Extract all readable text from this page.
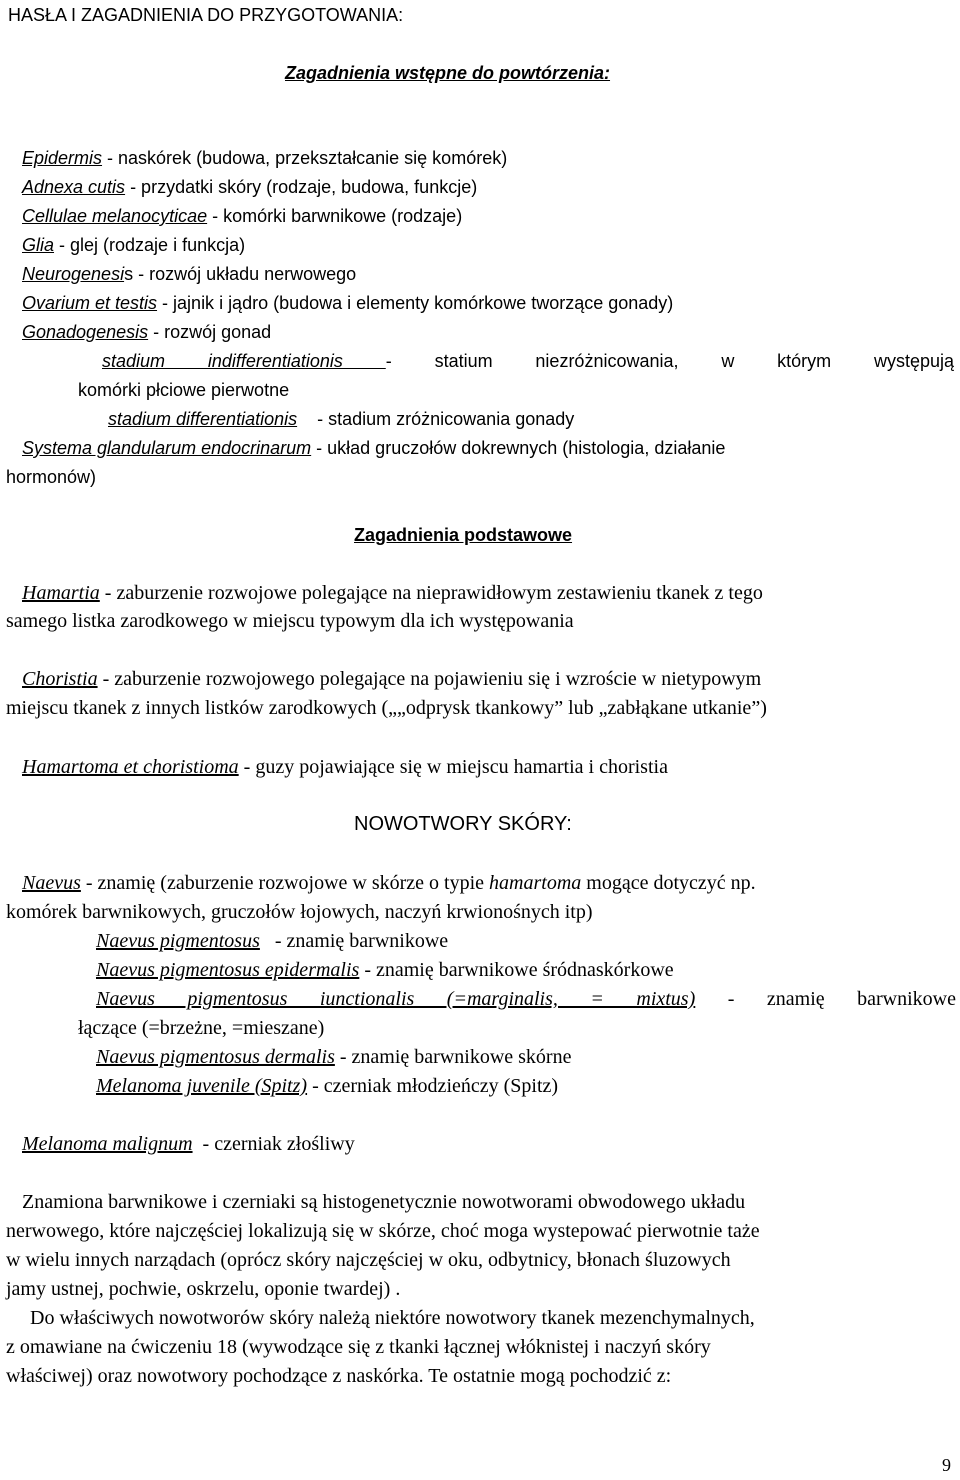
HASŁA I ZAGADNIENIA DO PRZYGOTOWANIA:
Zagadnienia wstępne do powtórzenia:
Epidermis - naskórek (budowa, przekształcanie się komórek)
Adnexa cutis - przydatki skóry (rodzaje, budowa, funkcje)
Cellulae melanocyticae - komórki barwnikowe (rodzaje)
Glia - glej (rodzaje i funkcja)
Neurogenesis - rozwój układu nerwowego
Ovarium et testis - jajnik i jądro (budowa i elementy komórkowe tworzące gonady)
Gonadogenesis - rozwój gonad
stadium indifferentiationis - statium niezróżnicowania, w którym występują
komórki płciowe pierwotne
stadium differentiationis - stadium zróżnicowania gonady
Systema glandularum endocrinarum - układ gruczołów dokrewnych (histologia, działanie
hormonów)
Zagadnienia podstawowe
Hamartia - zaburzenie rozwojowe polegające na nieprawidłowym zestawieniu tkanek z tego
samego listka zarodkowego w miejscu typowym dla ich występowania
Choristia - zaburzenie rozwojowego polegające na pojawieniu się i wzroście w nietypowym
miejscu tkanek z innych listków zarodkowych („„odprysk tkankowy” lub „zabłąkane utkanie”)
Hamartoma et choristioma - guzy pojawiające się w miejscu hamartia i choristia
NOWOTWORY SKÓRY:
Naevus - znamię (zaburzenie rozwojowe w skórze o typie hamartoma mogące dotyczyć np.
komórek barwnikowych, gruczołów łojowych, naczyń krwionośnych itp)
Naevus pigmentosus   - znamię barwnikowe
Naevus pigmentosus epidermalis - znamię barwnikowe śródnaskórkowe
Naevus pigmentosus iunctionalis (=marginalis, = mixtus) - znamię barwnikowe
łączące (=brzeżne, =mieszane)
Naevus pigmentosus dermalis - znamię barwnikowe skórne
Melanoma juvenile (Spitz) - czerniak młodzieńczy (Spitz)
Melanoma malignum  - czerniak złośliwy
Znamiona barwnikowe i czerniaki są histogenetycznie nowotworami obwodowego układu
nerwowego, które najczęściej lokalizują się w skórze, choć moga wystepować pierwotnie taże
w wielu innych narządach (oprócz skóry najczęściej w oku, odbytnicy, błonach śluzowych
jamy ustnej, pochwie, oskrzelu, oponie twardej) .
Do właściwych nowotworów skóry należą niektóre nowotwory tkanek mezenchymalnych,
z omawiane na ćwiczeniu 18 (wywodzące się z tkanki łącznej włóknistej i naczyń skóry
właściwej) oraz nowotwory pochodzące z naskórka. Te ostatnie mogą pochodzić z:
9
